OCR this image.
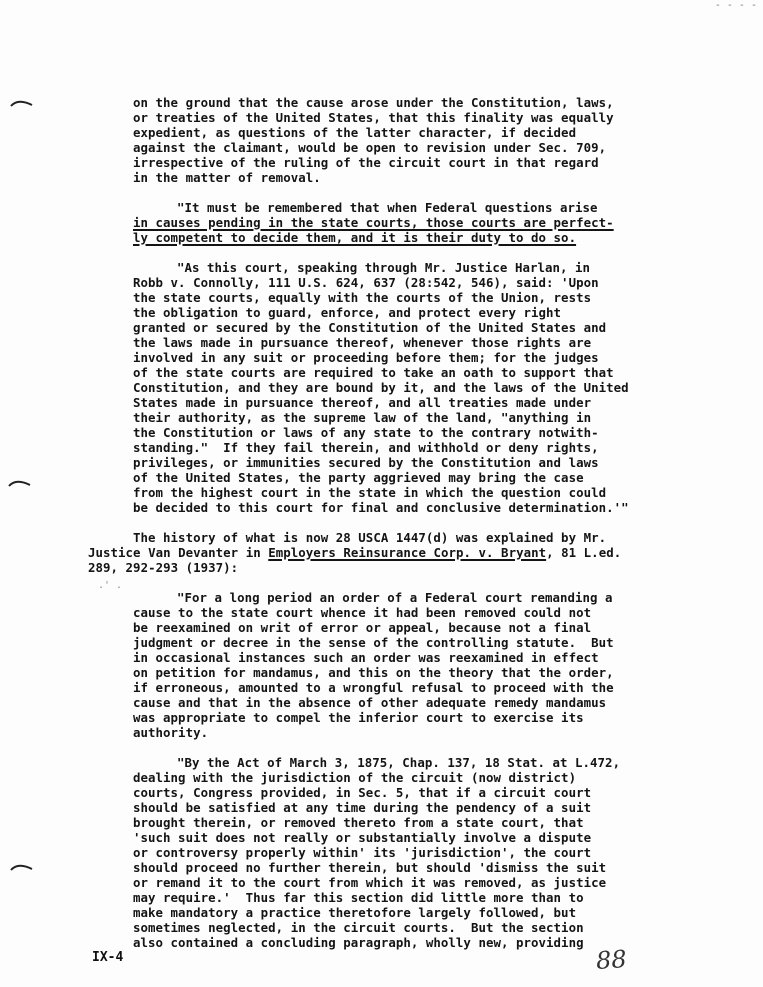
- - - -
on the ground that the cause arose under the Constitution, laws,
or treaties of the United States, that this finality was equally
expedient, as questions of the latter character, if decided
against the claimant, would be open to revision under Sec. 709,
irrespective of the ruling of the circuit court in that regard
in the matter of removal.
"It must be remembered that when Federal questions arise
in causes pending in the state courts, those courts are perfect-
ly competent to decide them, and it is their duty to do so.
"As this court, speaking through Mr. Justice Harlan, in
Robb v. Connolly, 111 U.S. 624, 637 (28:542, 546), said: 'Upon
the state courts, equally with the courts of the Union, rests
the obligation to guard, enforce, and protect every right
granted or secured by the Constitution of the United States and
the laws made in pursuance thereof, whenever those rights are
involved in any suit or proceeding before them; for the judges
of the state courts are required to take an oath to support that
Constitution, and they are bound by it, and the laws of the United
States made in pursuance thereof, and all treaties made under
their authority, as the supreme law of the land, "anything in
the Constitution or laws of any state to the contrary notwith-
standing."  If they fail therein, and withhold or deny rights,
privileges, or immunities secured by the Constitution and laws
of the United States, the party aggrieved may bring the case
from the highest court in the state in which the question could
be decided to this court for final and conclusive determination.'"
The history of what is now 28 USCA 1447(d) was explained by Mr.
Justice Van Devanter in Employers Reinsurance Corp. v. Bryant, 81 L.ed.
289, 292-293 (1937):
.' .
"For a long period an order of a Federal court remanding a
cause to the state court whence it had been removed could not
be reexamined on writ of error or appeal, because not a final
judgment or decree in the sense of the controlling statute.  But
in occasional instances such an order was reexamined in effect
on petition for mandamus, and this on the theory that the order,
if erroneous, amounted to a wrongful refusal to proceed with the
cause and that in the absence of other adequate remedy mandamus
was appropriate to compel the inferior court to exercise its
authority.
"By the Act of March 3, 1875, Chap. 137, 18 Stat. at L.472,
dealing with the jurisdiction of the circuit (now district)
courts, Congress provided, in Sec. 5, that if a circuit court
should be satisfied at any time during the pendency of a suit
brought therein, or removed thereto from a state court, that
'such suit does not really or substantially involve a dispute
or controversy properly within' its 'jurisdiction', the court
should proceed no further therein, but should 'dismiss the suit
or remand it to the court from which it was removed, as justice
may require.'  Thus far this section did little more than to
make mandatory a practice theretofore largely followed, but
sometimes neglected, in the circuit courts.  But the section
also contained a concluding paragraph, wholly new, providing
IX-4	88
